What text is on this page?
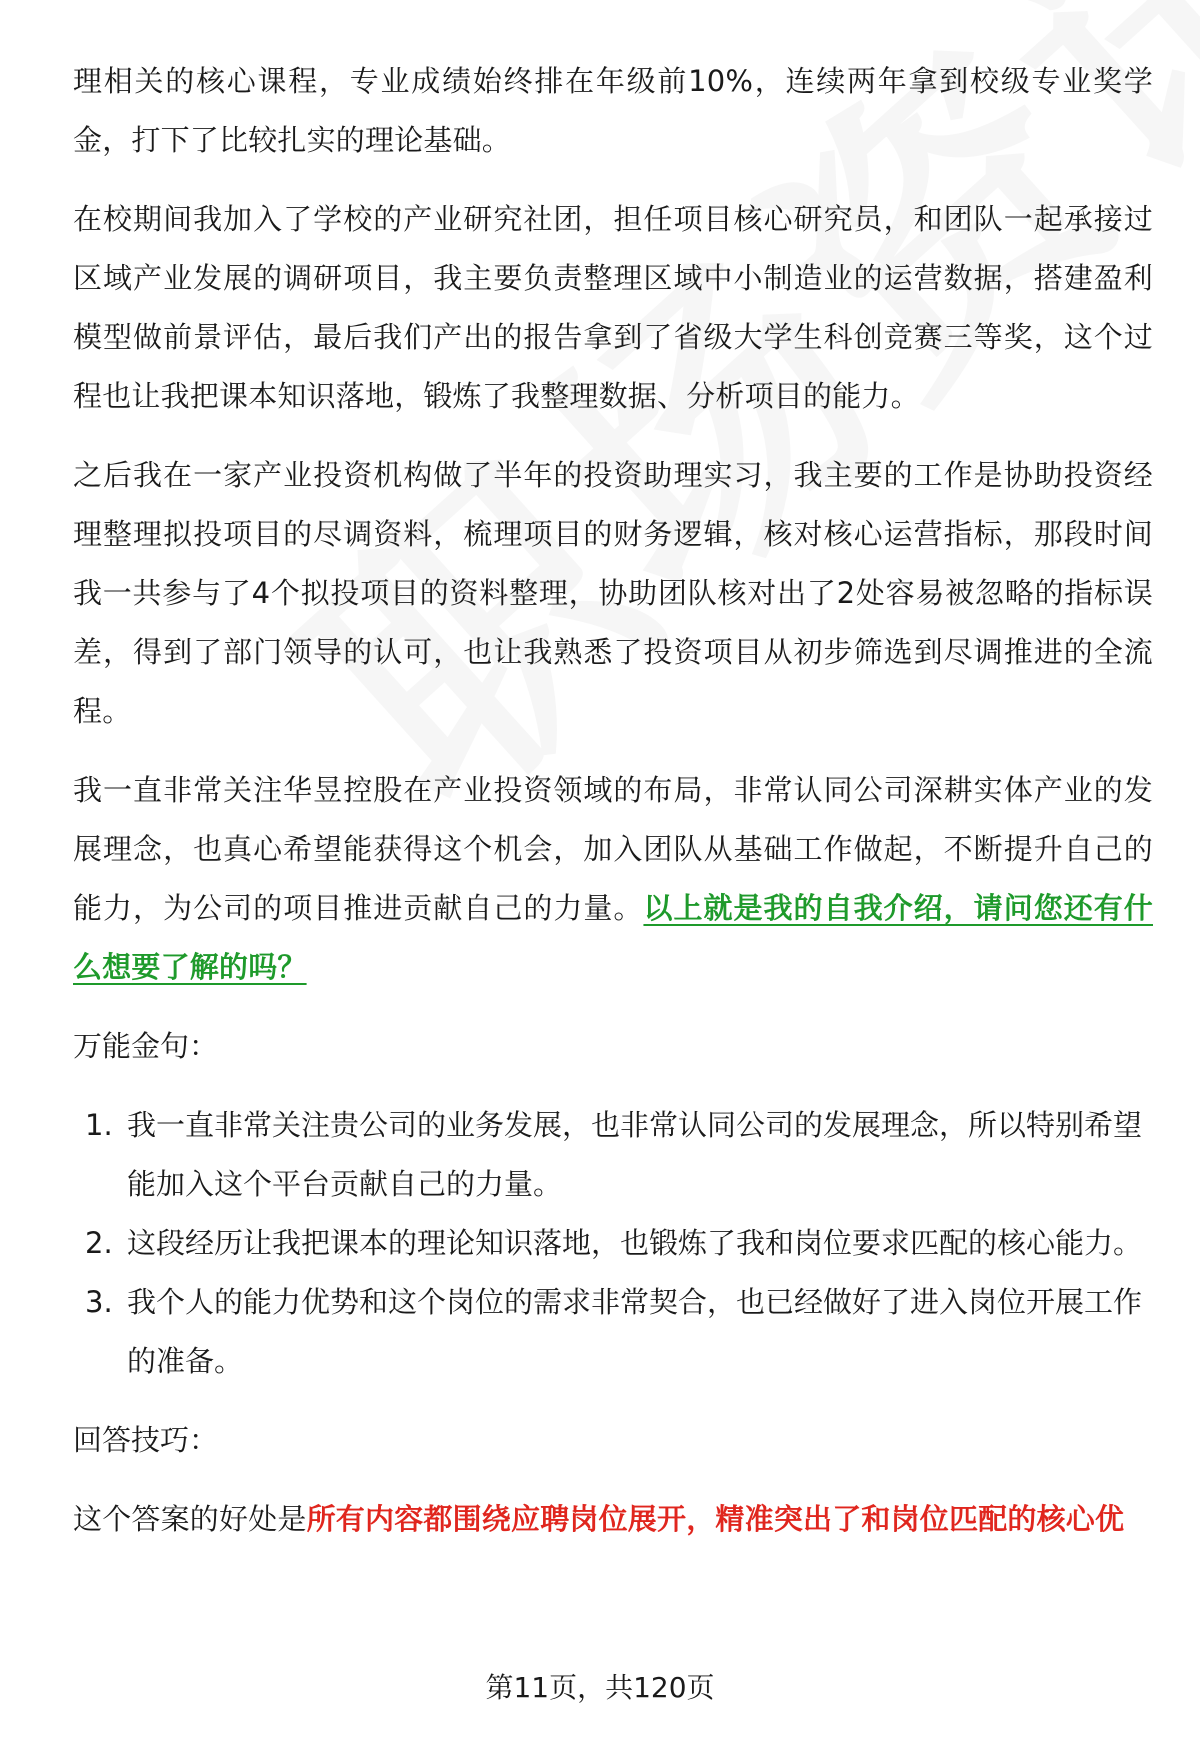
理相关的核心课程，专业成绩始终排在年级前10%，连续两年拿到校级专业奖学金，打下了比较扎实的理论基础。

在校期间我加入了学校的产业研究社团，担任项目核心研究员，和团队一起承接过区域产业发展的调研项目，我主要负责整理区域中小制造业的运营数据，搭建盈利模型做前景评估，最后我们产出的报告拿到了省级大学生科创竞赛三等奖，这个过程也让我把课本知识落地，锻炼了我整理数据、分析项目的能力。

之后我在一家产业投资机构做了半年的投资助理实习，我主要的工作是协助投资经理整理拟投项目的尽调资料，梳理项目的财务逻辑，核对核心运营指标，那段时间我一共参与了4个拟投项目的资料整理，协助团队核对出了2处容易被忽略的指标误差，得到了部门领导的认可，也让我熟悉了投资项目从初步筛选到尽调推进的全流程。

我一直非常关注华昱控股在产业投资领域的布局，非常认同公司深耕实体产业的发展理念，也真心希望能获得这个机会，加入团队从基础工作做起，不断提升自己的能力，为公司的项目推进贡献自己的力量。以上就是我的自我介绍，请问您还有什么想要了解的吗？

万能金句：
1. 我一直非常关注贵公司的业务发展，也非常认同公司的发展理念，所以特别希望能加入这个平台贡献自己的力量。
2. 这段经历让我把课本的理论知识落地，也锻炼了我和岗位要求匹配的核心能力。
3. 我个人的能力优势和这个岗位的需求非常契合，也已经做好了进入岗位开展工作的准备。
回答技巧：

这个答案的好处是所有内容都围绕应聘岗位展开，精准突出了和岗位匹配的核心优

第11页，共120页
